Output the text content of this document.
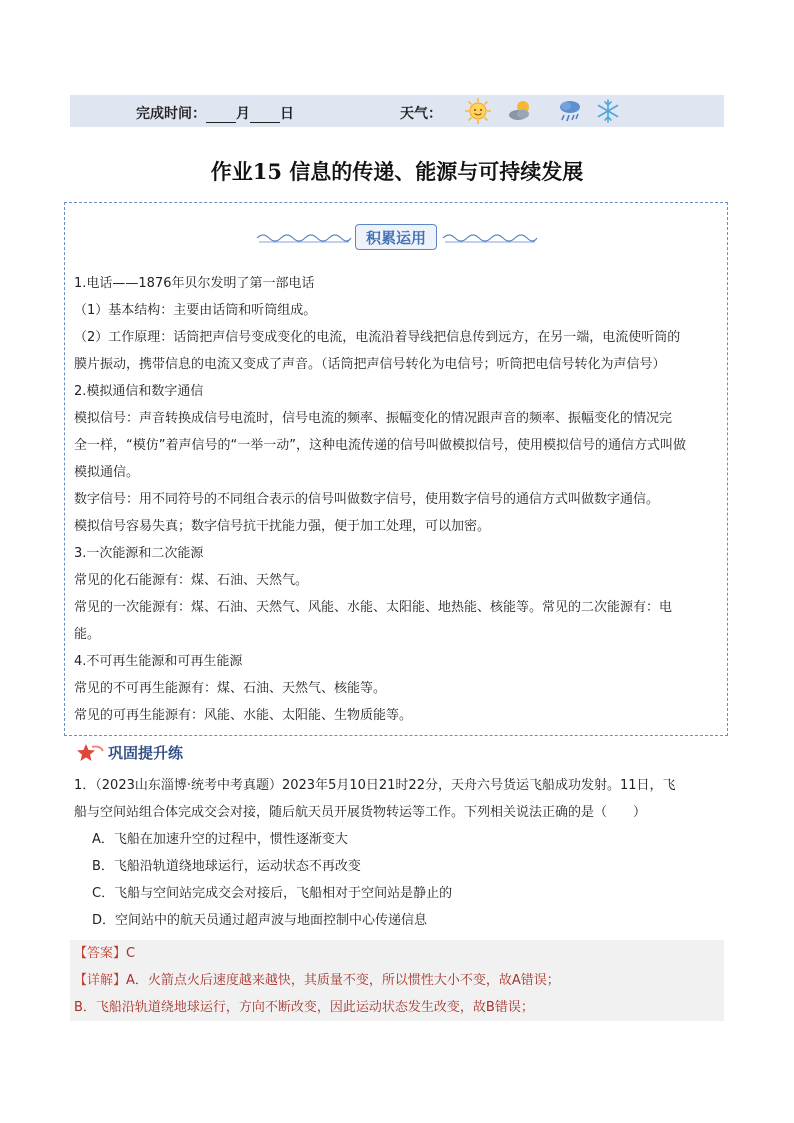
完成时间： 月 日	天气：
作业15 信息的传递、能源与可持续发展
积累运用

1.电话——1876年贝尔发明了第一部电话

（1）基本结构：主要由话筒和听筒组成。

（2）工作原理：话筒把声信号变成变化的电流，电流沿着导线把信息传到远方，在另一端，电流使听筒的

膜片振动，携带信息的电流又变成了声音。（话筒把声信号转化为电信号；听筒把电信号转化为声信号）

2.模拟通信和数字通信

模拟信号：声音转换成信号电流时，信号电流的频率、振幅变化的情况跟声音的频率、振幅变化的情况完

全一样，“模仿”着声信号的“一举一动”，这种电流传递的信号叫做模拟信号，使用模拟信号的通信方式叫做

模拟通信。

数字信号：用不同符号的不同组合表示的信号叫做数字信号，使用数字信号的通信方式叫做数字通信。

模拟信号容易失真；数字信号抗干扰能力强，便于加工处理，可以加密。

3.一次能源和二次能源

常见的化石能源有：煤、石油、天然气。

常见的一次能源有：煤、石油、天然气、风能、水能、太阳能、地热能、核能等。常见的二次能源有：电

能。

4.不可再生能源和可再生能源

常见的不可再生能源有：煤、石油、天然气、核能等。

常见的可再生能源有：风能、水能、太阳能、生物质能等。

巩固提升练

1．（2023山东淄博·统考中考真题）2023年5月10日21时22分，天舟六号货运飞船成功发射。11日，飞

船与空间站组合体完成交会对接，随后航天员开展货物转运等工作。下列相关说法正确的是（　　）

A．飞船在加速升空的过程中，惯性逐渐变大

B．飞船沿轨道绕地球运行，运动状态不再改变

C．飞船与空间站完成交会对接后，飞船相对于空间站是静止的

D．空间站中的航天员通过超声波与地面控制中心传递信息

【答案】C

【详解】A．火箭点火后速度越来越快，其质量不变，所以惯性大小不变，故A错误；

B．飞船沿轨道绕地球运行，方向不断改变，因此运动状态发生改变，故B错误；
